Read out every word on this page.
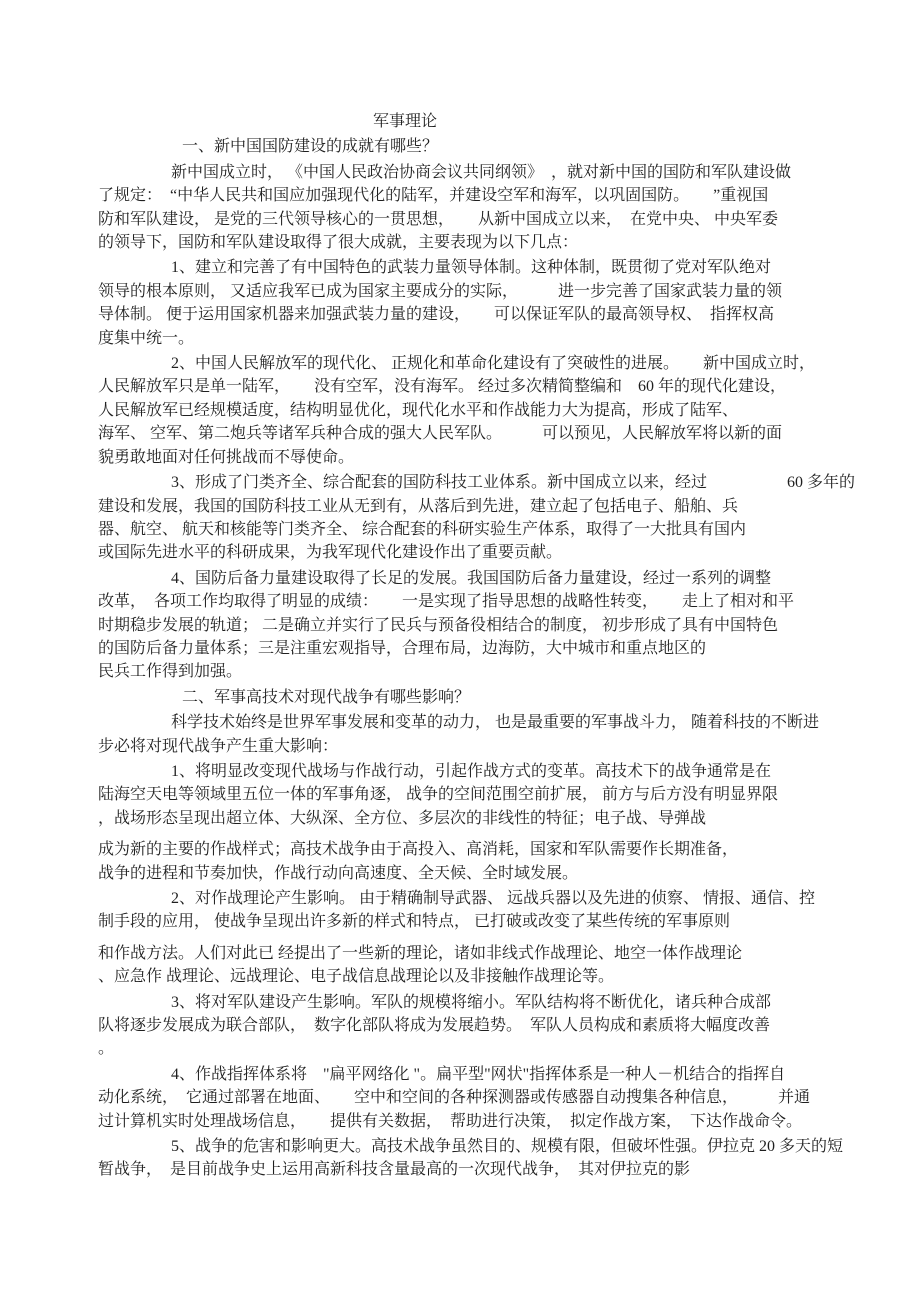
军事理论
一、新中国国防建设的成就有哪些？
新中国成立时， 《中国人民政治协商会议共同纲领》　，就对新中国的国防和军队建设做
了规定：　“中华人民共和国应加强现代化的陆军，并建设空军和海军，以巩固国防。　　”重视国
防和军队建设， 是党的三代领导核心的一贯思想，　　从新中国成立以来，　在党中央、 中央军委
的领导下，国防和军队建设取得了很大成就，主要表现为以下几点：
1、建立和完善了有中国特色的武装力量领导体制。这种体制，既贯彻了党对军队绝对
领导的根本原则， 又适应我军已成为国家主要成分的实际，　　　进一步完善了国家武装力量的领
导体制。 便于运用国家机器来加强武装力量的建设，　　可以保证军队的最高领导权、　指挥权高
度集中统一。
2、中国人民解放军的现代化、 正规化和革命化建设有了突破性的进展。　　新中国成立时，
人民解放军只是单一陆军，　　没有空军，没有海军。 经过多次精简整编和　60 年的现代化建设，
人民解放军已经规模适度，结构明显优化，现代化水平和作战能力大为提高，形成了陆军、
海军、 空军、第二炮兵等诸军兵种合成的强大人民军队。　　　可以预见，人民解放军将以新的面
貌勇敢地面对任何挑战而不辱使命。
3、形成了门类齐全、综合配套的国防科技工业体系。新中国成立以来，经过　　　　　60 多年的
建设和发展，我国的国防科技工业从无到有，从落后到先进，建立起了包括电子、船舶、兵
器、航空、 航天和核能等门类齐全、 综合配套的科研实验生产体系，取得了一大批具有国内
或国际先进水平的科研成果，为我军现代化建设作出了重要贡献。
4、国防后备力量建设取得了长足的发展。我国国防后备力量建设，经过一系列的调整
改革，　各项工作均取得了明显的成绩：　　一是实现了指导思想的战略性转变，　　走上了相对和平
时期稳步发展的轨道； 二是确立并实行了民兵与预备役相结合的制度， 初步形成了具有中国特色
的国防后备力量体系；三是注重宏观指导，合理布局，边海防，大中城市和重点地区的
民兵工作得到加强。
二、军事高技术对现代战争有哪些影响？
科学技术始终是世界军事发展和变革的动力， 也是最重要的军事战斗力， 随着科技的不断进
步必将对现代战争产生重大影响：
1、将明显改变现代战场与作战行动，引起作战方式的变革。高技术下的战争通常是在
陆海空天电等领域里五位一体的军事角逐， 战争的空间范围空前扩展， 前方与后方没有明显界限
，战场形态呈现出超立体、大纵深、全方位、多层次的非线性的特征；电子战、导弹战
成为新的主要的作战样式；高技术战争由于高投入、高消耗，国家和军队需要作长期准备，
战争的进程和节奏加快，作战行动向高速度、全天候、全时域发展。
2、对作战理论产生影响。 由于精确制导武器、 远战兵器以及先进的侦察、 情报、通信、控
制手段的应用， 使战争呈现出许多新的样式和特点， 已打破或改变了某些传统的军事原则
和作战方法。人们对此已 经提出了一些新的理论，诸如非线式作战理论、地空一体作战理论
、应急作 战理论、远战理论、电子战信息战理论以及非接触作战理论等。
3、将对军队建设产生影响。军队的规模将缩小。军队结构将不断优化，诸兵种合成部
队将逐步发展成为联合部队，　数字化部队将成为发展趋势。　军队人员构成和素质将大幅度改善
。
4、作战指挥体系将　"扁平网络化 "。扁平型"网状"指挥体系是一种人－机结合的指挥自
动化系统，　它通过部署在地面、　　空中和空间的各种探测器或传感器自动搜集各种信息，　　　并通
过计算机实时处理战场信息，　　提供有关数据，　帮助进行决策，　拟定作战方案，　下达作战命令。
5、战争的危害和影响更大。高技术战争虽然目的、规模有限，但破坏性强。伊拉克 20 多天的短
暂战争，　是目前战争史上运用高新科技含量最高的一次现代战争，　其对伊拉克的影
